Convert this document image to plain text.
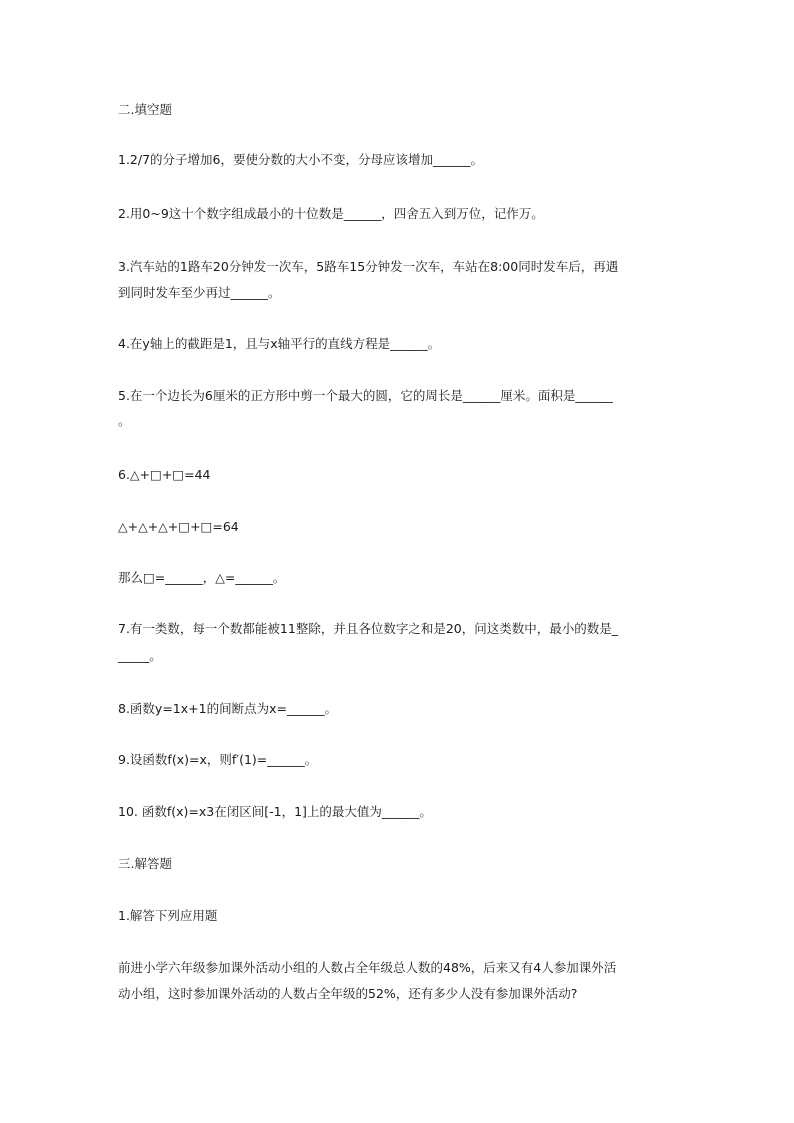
二.填空题
1.2/7的分子增加6，要使分数的大小不变，分母应该增加______。
2.用0~9这十个数字组成最小的十位数是______，四舍五入到万位，记作万。
3.汽车站的1路车20分钟发一次车，5路车15分钟发一次车，车站在8:00同时发车后，再遇
到同时发车至少再过______。
4.在y轴上的截距是1，且与x轴平行的直线方程是______。
5.在一个边长为6厘米的正方形中剪一个最大的圆，它的周长是______厘米。面积是______
。
6.△+□+□=44
△+△+△+□+□=64
那么□=______，△=______。
7.有一类数，每一个数都能被11整除，并且各位数字之和是20，问这类数中，最小的数是_
_____。
8.函数y=1x+1的间断点为x=______。
9.设函数f(x)=x，则f′(1)=______。
10. 函数f(x)=x3在闭区间[-1，1]上的最大值为______。
三.解答题
1.解答下列应用题
前进小学六年级参加课外活动小组的人数占全年级总人数的48%，后来又有4人参加课外活
动小组，这时参加课外活动的人数占全年级的52%，还有多少人没有参加课外活动?
